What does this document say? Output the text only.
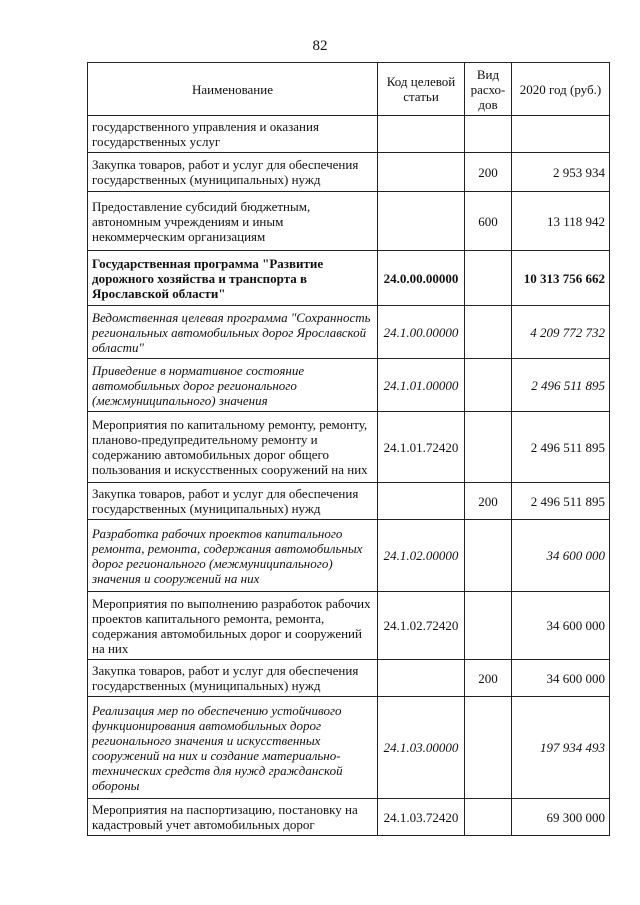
82
Наименование	Код целевой статьи	Вид расхо-дов	2020 год (руб.)
государственного управления и оказания государственных услуг			
Закупка товаров, работ и услуг для обеспечения государственных (муниципальных) нужд		200	2 953 934
Предоставление субсидий бюджетным, автономным учреждениям и иным некоммерческим организациям		600	13 118 942
Государственная программа "Развитие дорожного хозяйства и транспорта в Ярославской области"	24.0.00.00000		10 313 756 662
Ведомственная целевая программа "Сохранность региональных автомобильных дорог Ярославской области"	24.1.00.00000		4 209 772 732
Приведение в нормативное состояние автомобильных дорог регионального (межмуниципального) значения	24.1.01.00000		2 496 511 895
Мероприятия по капитальному ремонту, ремонту, планово-предупредительному ремонту и содержанию автомобильных дорог общего пользования и искусственных сооружений на них	24.1.01.72420		2 496 511 895
Закупка товаров, работ и услуг для обеспечения государственных (муниципальных) нужд		200	2 496 511 895
Разработка рабочих проектов капитального ремонта, ремонта, содержания автомобильных дорог регионального (межмуниципального) значения и сооружений на них	24.1.02.00000		34 600 000
Мероприятия по выполнению разработок рабочих проектов капитального ремонта, ремонта, содержания автомобильных дорог и сооружений на них	24.1.02.72420		34 600 000
Закупка товаров, работ и услуг для обеспечения государственных (муниципальных) нужд		200	34 600 000
Реализация мер по обеспечению устойчивого функционирования автомобильных дорог регионального значения и искусственных сооружений на них и создание материально-технических средств для нужд гражданской обороны	24.1.03.00000		197 934 493
Мероприятия на паспортизацию, постановку на кадастровый учет автомобильных дорог	24.1.03.72420		69 300 000
